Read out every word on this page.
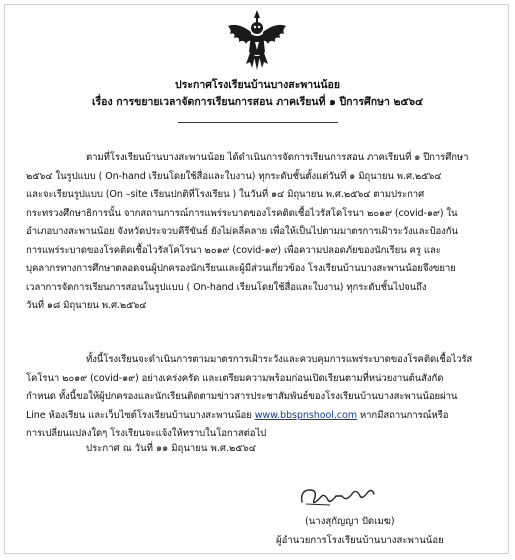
ประกาศโรงเรียนบ้านบางสะพานน้อย
เรื่อง การขยายเวลาจัดการเรียนการสอน ภาคเรียนที่ ๑ ปีการศึกษา ๒๕๖๔
ตามที่โรงเรียนบ้านบางสะพานน้อย ได้ดำเนินการจัดการเรียนการสอน ภาคเรียนที่ ๑ ปีการศึกษา
๒๕๖๔ ในรูปแบบ ( On-hand เรียนโดยใช้สื่อและใบงาน) ทุกระดับชั้นตั้งแต่วันที่ ๑ มิถุนายน พ.ศ.๒๕๖๔
และจะเรียนรูปแบบ (On –site เรียนปกติที่โรงเรียน ) ในวันที่ ๑๔ มิถุนายน พ.ศ.๒๕๖๔ ตามประกาศ
กระทรวงศึกษาธิการนั้น จากสถานการณ์การแพร่ระบาดของโรคติดเชื้อไวรัสโคโรนา ๒๐๑๙ (covid-๑๙) ใน
อำเภอบางสะพานน้อย จังหวัดประจวบคีรีขันธ์ ยังไม่คลี่คลาย เพื่อให้เป็นไปตามมาตรการเฝ้าระวังและป้องกัน
การแพร่ระบาดของโรคติดเชื้อไวรัสโคโรนา ๒๐๑๙ (covid-๑๙) เพื่อความปลอดภัยของนักเรียน ครู และ
บุคลากรทางการศึกษาตลอดจนผู้ปกครองนักเรียนและผู้มีส่วนเกี่ยวข้อง โรงเรียนบ้านบางสะพานน้อยจึงขยาย
เวลาการจัดการเรียนการสอนในรูปแบบ ( On-hand เรียนโดยใช้สื่อและใบงาน) ทุกระดับชั้นไปจนถึง
วันที่ ๑๘ มิถุนายน พ.ศ.๒๕๖๔
ทั้งนี้โรงเรียนจะดำเนินการตามมาตรการเฝ้าระวังและควบคุมการแพร่ระบาดของโรคติดเชื้อไวรัส
โคโรนา ๒๐๑๙ (covid-๑๙) อย่างเคร่งครัด และเตรียมความพร้อมก่อนเปิดเรียนตามที่หน่วยงานต้นสังกัด
กำหนด ทั้งนี้ขอให้ผู้ปกครองและนักเรียนติดตามข่าวสารประชาสัมพันธ์ของโรงเรียนบ้านบางสะพานน้อยผ่าน
Line ห้องเรียน และเว็บไซต์โรงเรียนบ้านบางสะพานน้อย www.bbspnshool.com หากมีสถานการณ์หรือ
การเปลี่ยนแปลงใดๆ โรงเรียนจะแจ้งให้ทราบในโอกาสต่อไป
ประกาศ ณ วันที่ ๑๑ มิถุนายน พ.ศ.๒๕๖๔
(นางสุกัญญา ปัดเมฆ)
ผู้อำนวยการโรงเรียนบ้านบางสะพานน้อย
